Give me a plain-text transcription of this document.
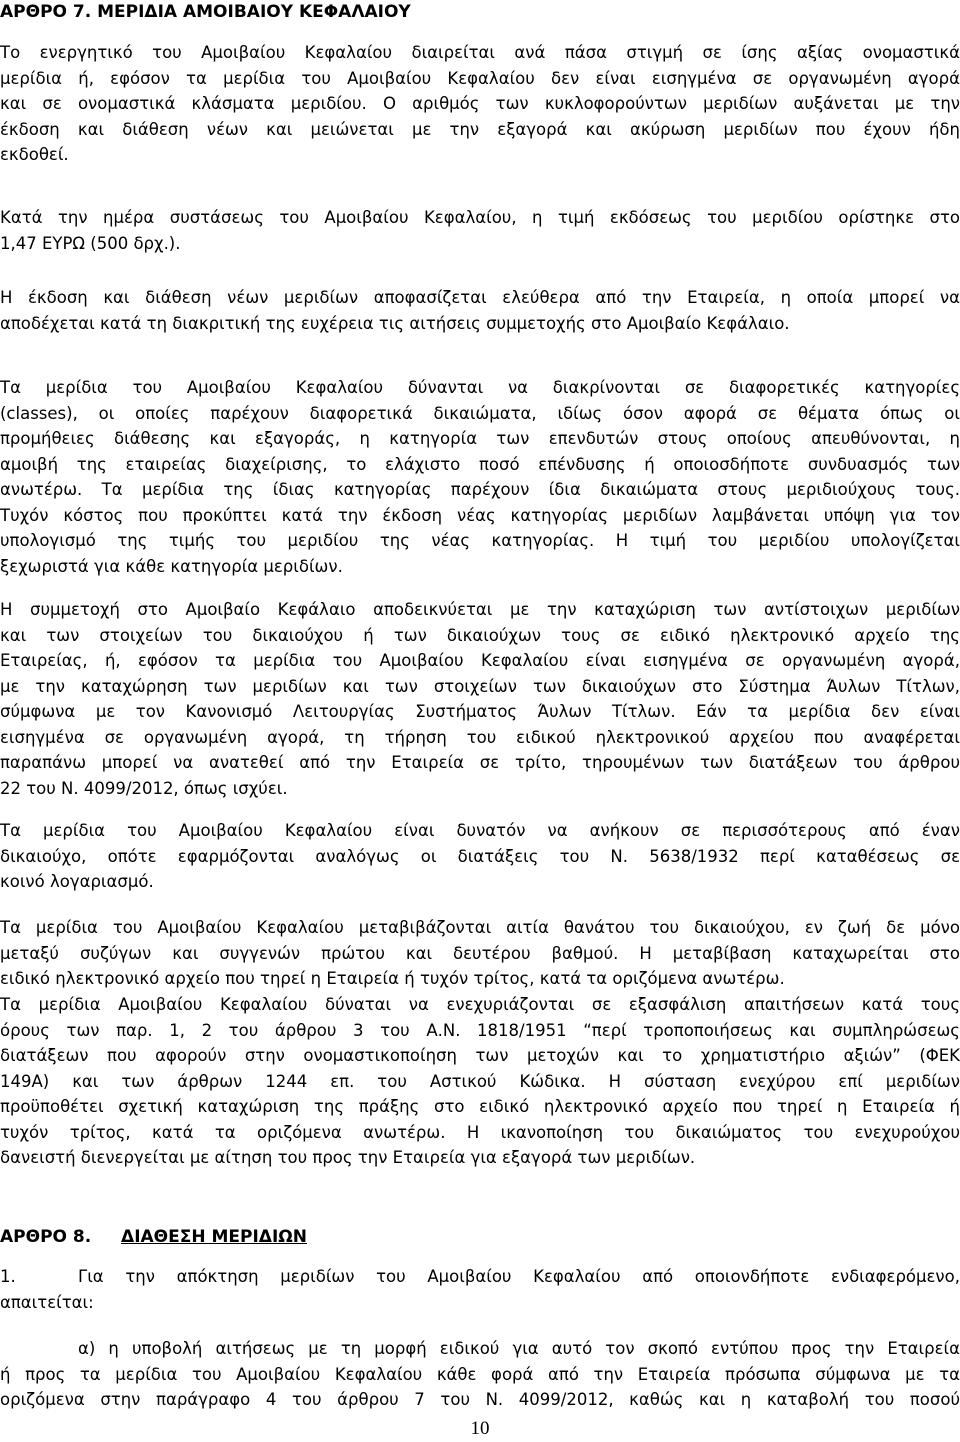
ΑΡΘΡΟ 7. ΜΕΡΙΔΙΑ ΑΜΟΙΒΑΙΟΥ ΚΕΦΑΛΑΙΟΥ
Το ενεργητικό του Αμοιβαίου Κεφαλαίου διαιρείται ανά πάσα στιγμή σε ίσης αξίας ονομαστικά
μερίδια ή, εφόσον τα μερίδια του Αμοιβαίου Κεφαλαίου δεν είναι εισηγμένα σε οργανωμένη αγορά
και σε ονομαστικά κλάσματα μεριδίου. Ο αριθμός των κυκλοφορούντων μεριδίων αυξάνεται με την
έκδοση και διάθεση νέων και μειώνεται με την εξαγορά και ακύρωση μεριδίων που έχουν ήδη
εκδοθεί.
Κατά την ημέρα συστάσεως του Αμοιβαίου Κεφαλαίου, η τιμή εκδόσεως του μεριδίου ορίστηκε στο
1,47 ΕΥΡΩ (500 δρχ.).
Η έκδοση και διάθεση νέων μεριδίων αποφασίζεται ελεύθερα από την Εταιρεία, η οποία μπορεί να
αποδέχεται κατά τη διακριτική της ευχέρεια τις αιτήσεις συμμετοχής στο Αμοιβαίο Κεφάλαιο.
Τα μερίδια του Αμοιβαίου Κεφαλαίου δύνανται να διακρίνονται σε διαφορετικές κατηγορίες
(classes), οι οποίες παρέχουν διαφορετικά δικαιώματα, ιδίως όσον αφορά σε θέματα όπως οι
προμήθειες διάθεσης και εξαγοράς, η κατηγορία των επενδυτών στους οποίους απευθύνονται, η
αμοιβή της εταιρείας διαχείρισης, το ελάχιστο ποσό επένδυσης ή οποιοσδήποτε συνδυασμός των
ανωτέρω. Τα μερίδια της ίδιας κατηγορίας παρέχουν ίδια δικαιώματα στους μεριδιούχους τους.
Τυχόν κόστος που προκύπτει κατά την έκδοση νέας κατηγορίας μεριδίων λαμβάνεται υπόψη για τον
υπολογισμό της τιμής του μεριδίου της νέας κατηγορίας. Η τιμή του μεριδίου υπολογίζεται
ξεχωριστά για κάθε κατηγορία μεριδίων.
Η συμμετοχή στο Αμοιβαίο Κεφάλαιο αποδεικνύεται με την καταχώριση των αντίστοιχων μεριδίων
και των στοιχείων του δικαιούχου ή των δικαιούχων τους σε ειδικό ηλεκτρονικό αρχείο της
Εταιρείας, ή, εφόσον τα μερίδια του Αμοιβαίου Κεφαλαίου είναι εισηγμένα σε οργανωμένη αγορά,
με την καταχώρηση των μεριδίων και των στοιχείων των δικαιούχων στο Σύστημα Άυλων Τίτλων,
σύμφωνα με τον Κανονισμό Λειτουργίας Συστήματος Άυλων Τίτλων. Εάν τα μερίδια δεν είναι
εισηγμένα σε οργανωμένη αγορά, τη τήρηση του ειδικού ηλεκτρονικού αρχείου που αναφέρεται
παραπάνω μπορεί να ανατεθεί από την Εταιρεία σε τρίτο, τηρουμένων των διατάξεων του άρθρου
22 του Ν. 4099/2012, όπως ισχύει.
Τα μερίδια του Αμοιβαίου Κεφαλαίου είναι δυνατόν να ανήκουν σε περισσότερους από έναν
δικαιούχο, οπότε εφαρμόζονται αναλόγως οι διατάξεις του Ν. 5638/1932 περί καταθέσεως σε
κοινό λογαριασμό.
Τα μερίδια του Αμοιβαίου Κεφαλαίου μεταβιβάζονται αιτία θανάτου του δικαιούχου, εν ζωή δε μόνο
μεταξύ συζύγων και συγγενών πρώτου και δευτέρου βαθμού. Η μεταβίβαση καταχωρείται στο
ειδικό ηλεκτρονικό αρχείο που τηρεί η Εταιρεία ή τυχόν τρίτος, κατά τα οριζόμενα ανωτέρω.
Τα μερίδια Αμοιβαίου Κεφαλαίου δύναται να ενεχυριάζονται σε εξασφάλιση απαιτήσεων κατά τους
όρους των παρ. 1, 2 του άρθρου 3 του Α.Ν. 1818/1951 “περί τροποποιήσεως και συμπληρώσεως
διατάξεων που αφορούν στην ονομαστικοποίηση των μετοχών και το χρηματιστήριο αξιών” (ΦΕΚ
149Α) και των άρθρων 1244 επ. του Αστικού Κώδικα. Η σύσταση ενεχύρου επί μεριδίων
προϋποθέτει σχετική καταχώριση της πράξης στο ειδικό ηλεκτρονικό αρχείο που τηρεί η Εταιρεία ή
τυχόν τρίτος, κατά τα οριζόμενα ανωτέρω. Η ικανοποίηση του δικαιώματος του ενεχυρούχου
δανειστή διενεργείται με αίτηση του προς την Εταιρεία για εξαγορά των μεριδίων.
ΑΡΘΡΟ 8. ΔΙΑΘΕΣΗ ΜΕΡΙΔΙΩΝ
1.	Για την απόκτηση μεριδίων του Αμοιβαίου Κεφαλαίου από οποιονδήποτε ενδιαφερόμενο,
απαιτείται:
α) η υποβολή αιτήσεως με τη μορφή ειδικού για αυτό τον σκοπό εντύπου προς την Εταιρεία
ή προς τα μερίδια του Αμοιβαίου Κεφαλαίου κάθε φορά από την Εταιρεία πρόσωπα σύμφωνα με τα
οριζόμενα στην παράγραφο 4 του άρθρου 7 του Ν. 4099/2012, καθώς και η καταβολή του ποσού
10
